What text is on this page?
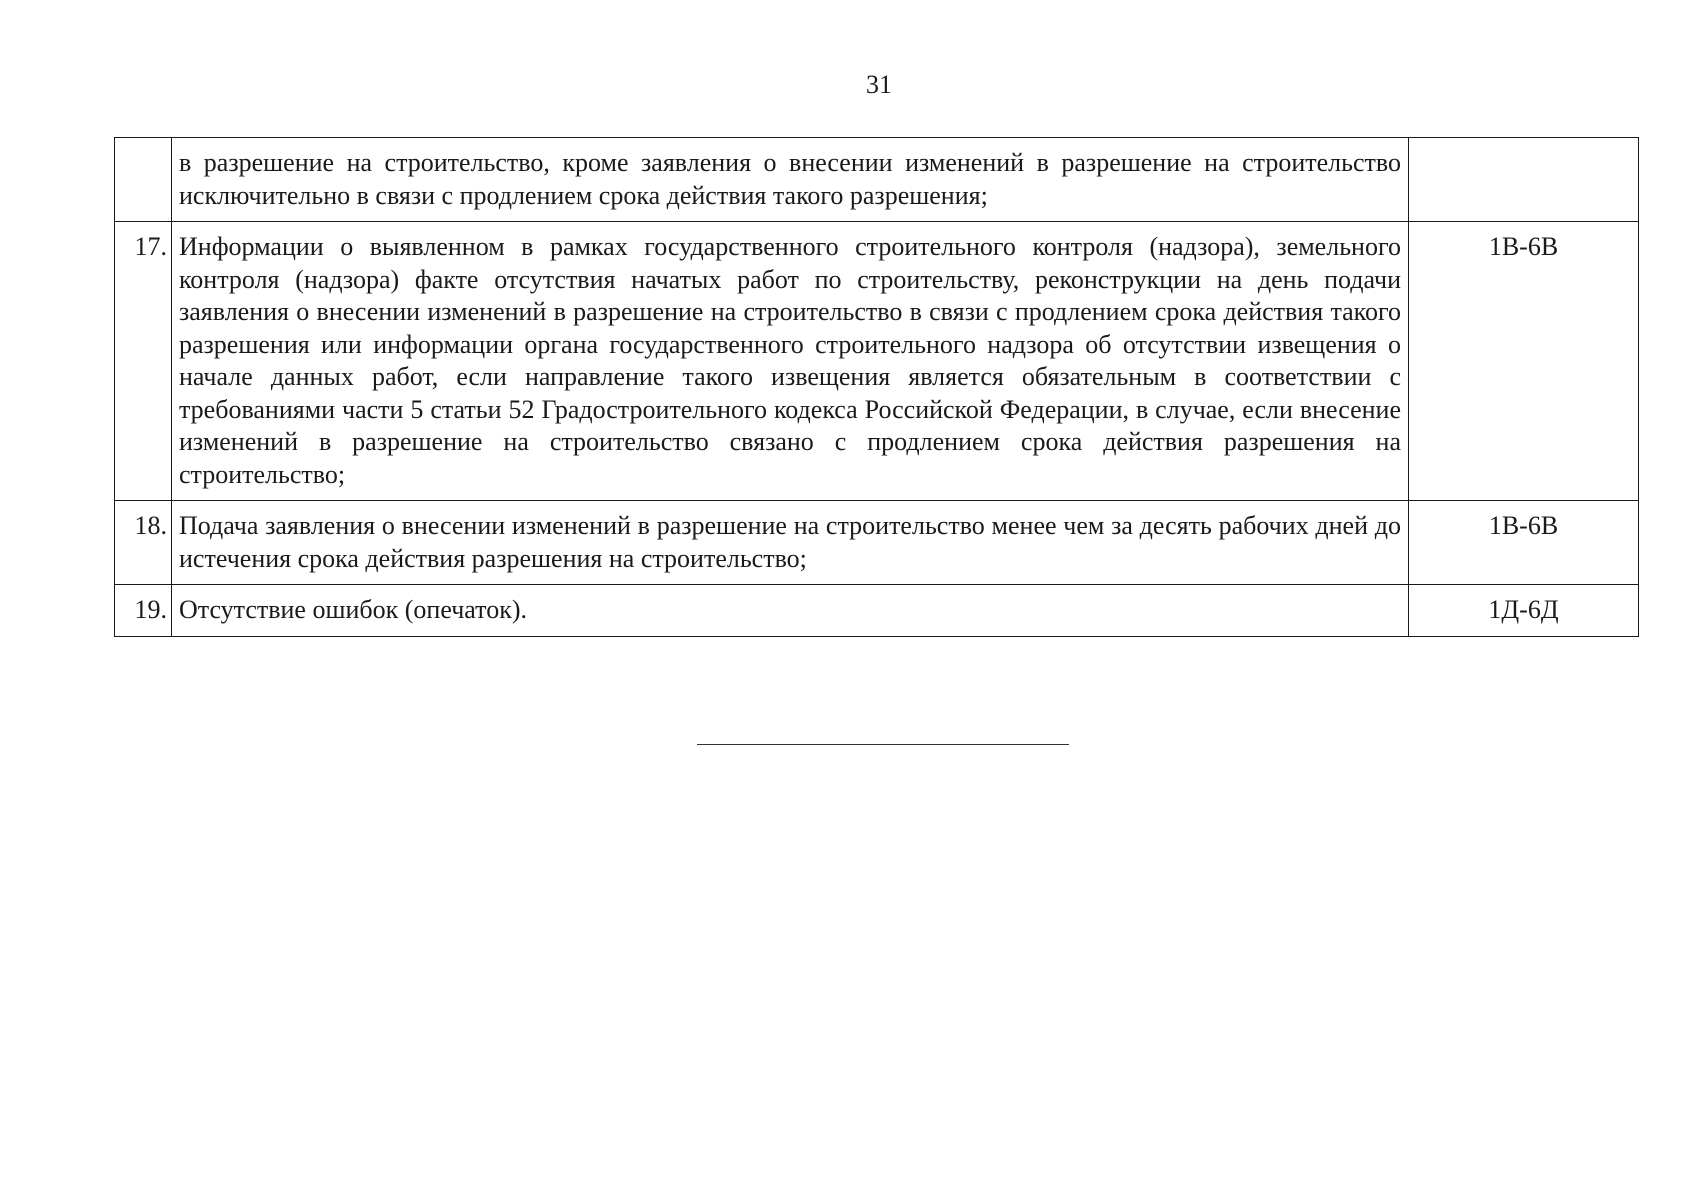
31

	в разрешение на строительство, кроме заявления о внесении изменений в разрешение на строительство исключительно в связи с продлением срока действия такого разрешения;	

17.	Информации о выявленном в рамках государственного строительного контроля (надзора), земельного контроля (надзора) факте отсутствия начатых работ по строительству, реконструкции на день подачи заявления о внесении изменений в разрешение на строительство в связи с продлением срока действия такого разрешения или информации органа государственного строительного надзора об отсутствии извещения о начале данных работ, если направление такого извещения является обязательным в соответствии с требованиями части 5 статьи 52 Градостроительного кодекса Российской Федерации, в случае, если внесение изменений в разрешение на строительство связано с продлением срока действия разрешения на строительство;	1В-6В
18.	Подача заявления о внесении изменений в разрешение на строительство менее чем за десять рабочих дней до истечения срока действия разрешения на строительство;	1В-6В
19.	Отсутствие ошибок (опечаток).	1Д-6Д
